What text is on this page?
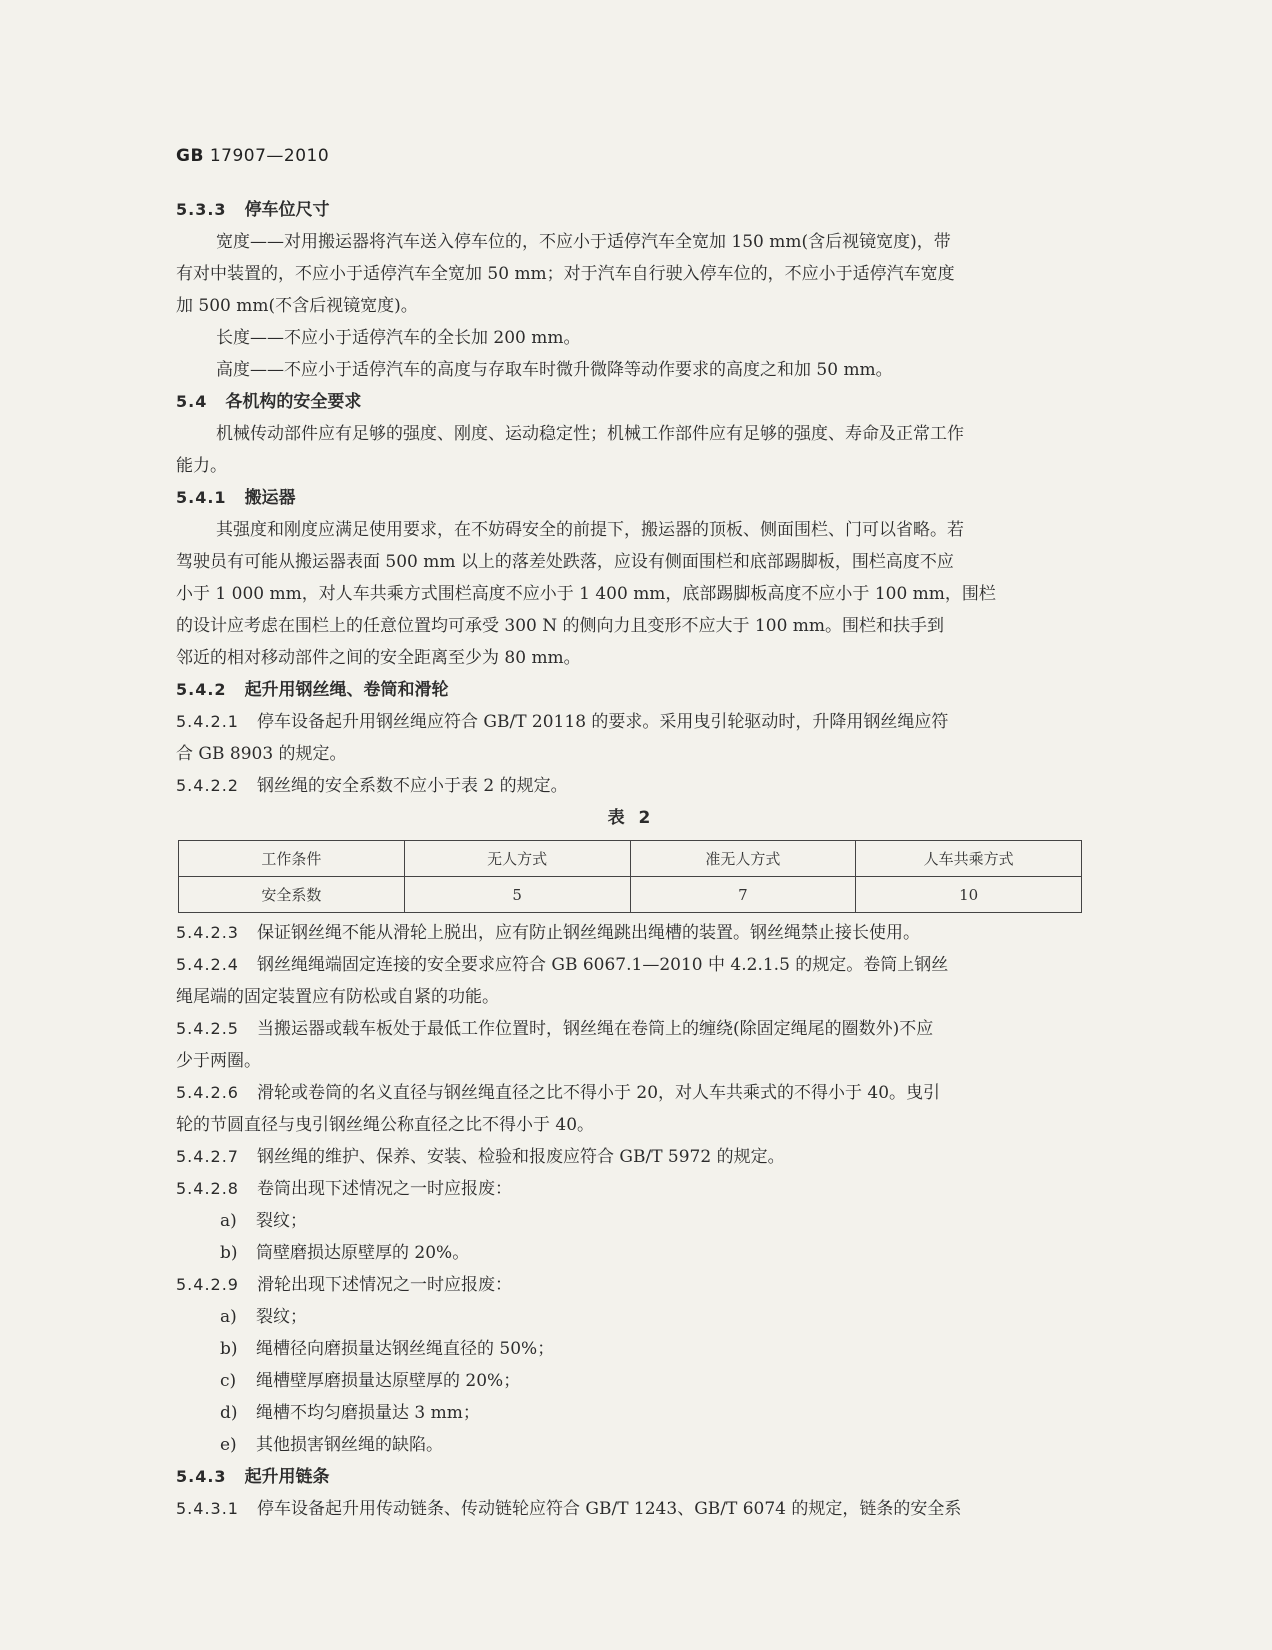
GB 17907—2010
5.3.3 停车位尺寸
宽度——对用搬运器将汽车送入停车位的，不应小于适停汽车全宽加 150 mm(含后视镜宽度)，带
有对中装置的，不应小于适停汽车全宽加 50 mm；对于汽车自行驶入停车位的，不应小于适停汽车宽度
加 500 mm(不含后视镜宽度)。
长度——不应小于适停汽车的全长加 200 mm。
高度——不应小于适停汽车的高度与存取车时微升微降等动作要求的高度之和加 50 mm。
5.4 各机构的安全要求
机械传动部件应有足够的强度、刚度、运动稳定性；机械工作部件应有足够的强度、寿命及正常工作
能力。
5.4.1 搬运器
其强度和刚度应满足使用要求，在不妨碍安全的前提下，搬运器的顶板、侧面围栏、门可以省略。若
驾驶员有可能从搬运器表面 500 mm 以上的落差处跌落，应设有侧面围栏和底部踢脚板，围栏高度不应
小于 1 000 mm，对人车共乘方式围栏高度不应小于 1 400 mm，底部踢脚板高度不应小于 100 mm，围栏
的设计应考虑在围栏上的任意位置均可承受 300 N 的侧向力且变形不应大于 100 mm。围栏和扶手到
邻近的相对移动部件之间的安全距离至少为 80 mm。
5.4.2 起升用钢丝绳、卷筒和滑轮
5.4.2.1 停车设备起升用钢丝绳应符合 GB/T 20118 的要求。采用曳引轮驱动时，升降用钢丝绳应符
合 GB 8903 的规定。
5.4.2.2 钢丝绳的安全系数不应小于表 2 的规定。
表 2
工作条件	无人方式	准无人方式	人车共乘方式
安全系数	5	7	10
5.4.2.3 保证钢丝绳不能从滑轮上脱出，应有防止钢丝绳跳出绳槽的装置。钢丝绳禁止接长使用。
5.4.2.4 钢丝绳绳端固定连接的安全要求应符合 GB 6067.1—2010 中 4.2.1.5 的规定。卷筒上钢丝
绳尾端的固定装置应有防松或自紧的功能。
5.4.2.5 当搬运器或载车板处于最低工作位置时，钢丝绳在卷筒上的缠绕(除固定绳尾的圈数外)不应
少于两圈。
5.4.2.6 滑轮或卷筒的名义直径与钢丝绳直径之比不得小于 20，对人车共乘式的不得小于 40。曳引
轮的节圆直径与曳引钢丝绳公称直径之比不得小于 40。
5.4.2.7 钢丝绳的维护、保养、安装、检验和报废应符合 GB/T 5972 的规定。
5.4.2.8 卷筒出现下述情况之一时应报废：
a) 裂纹；
b) 筒壁磨损达原壁厚的 20%。
5.4.2.9 滑轮出现下述情况之一时应报废：
a) 裂纹；
b) 绳槽径向磨损量达钢丝绳直径的 50%；
c) 绳槽壁厚磨损量达原壁厚的 20%；
d) 绳槽不均匀磨损量达 3 mm；
e) 其他损害钢丝绳的缺陷。
5.4.3 起升用链条
5.4.3.1 停车设备起升用传动链条、传动链轮应符合 GB/T 1243、GB/T 6074 的规定，链条的安全系
